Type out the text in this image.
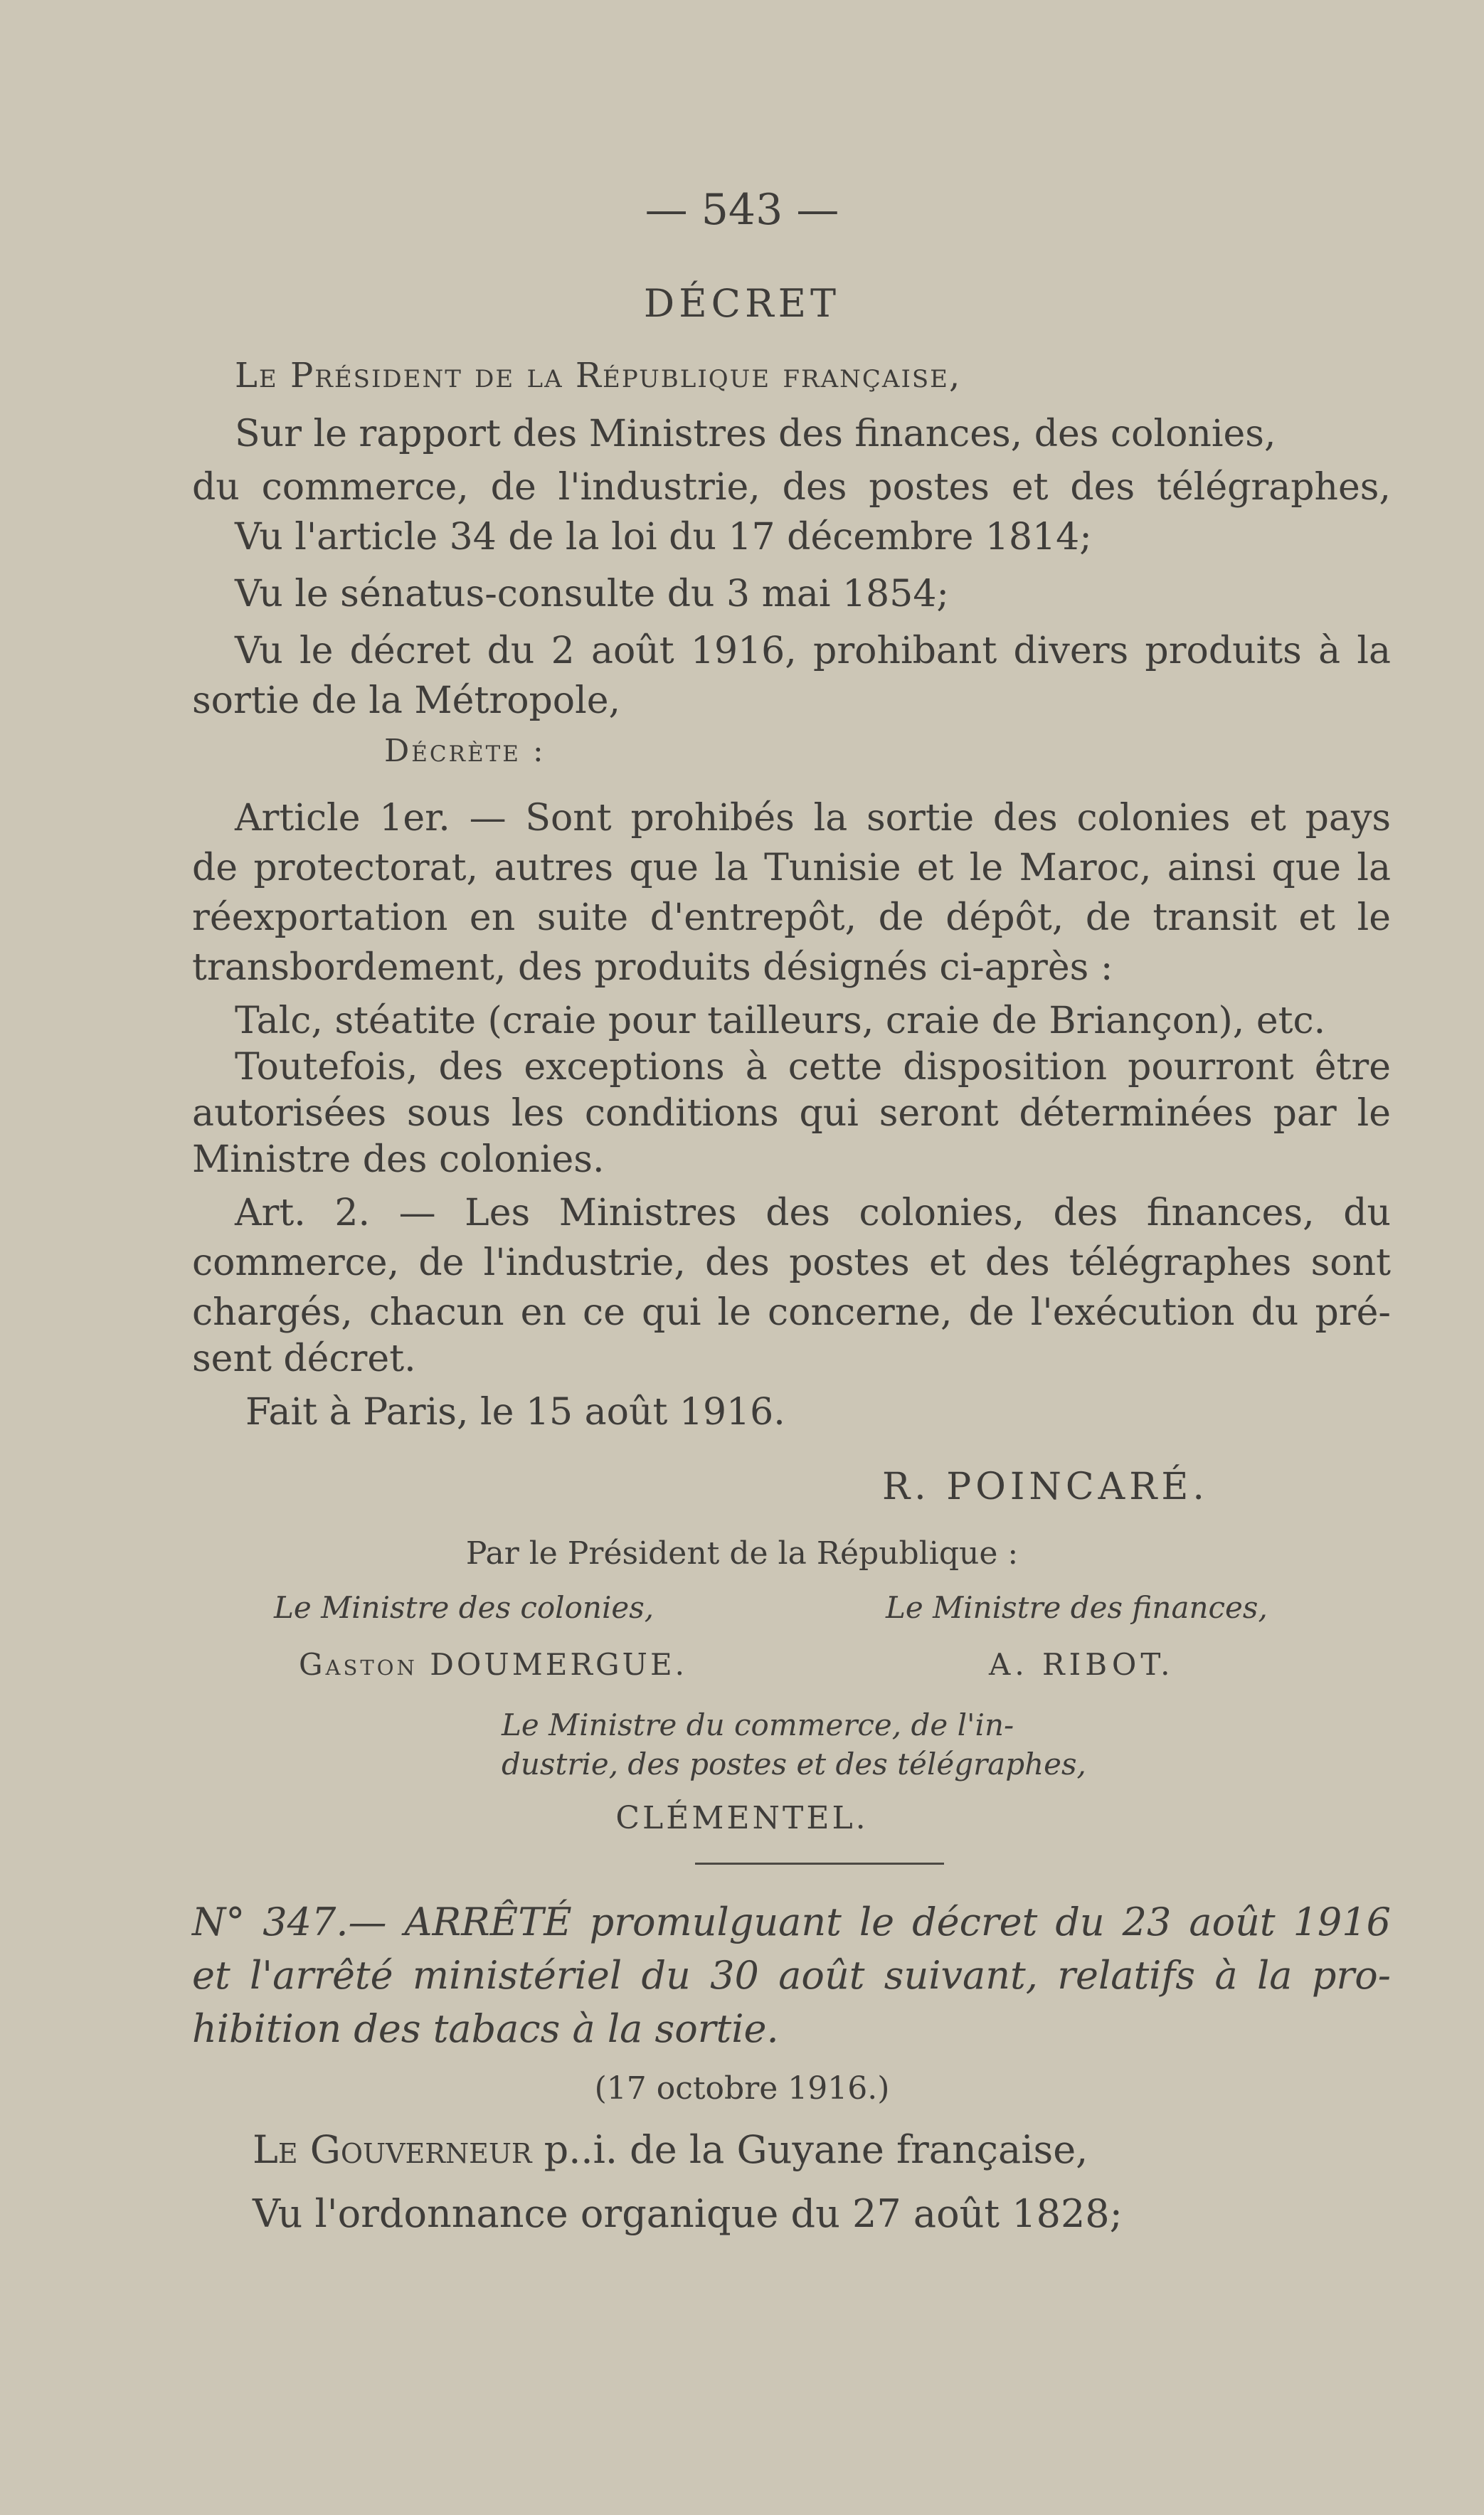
— 543 —
DÉCRET
Le Président de la République française,
Sur le rapport des Ministres des finances, des colonies,
du commerce, de l'industrie, des postes et des télégraphes,
Vu l'article 34 de la loi du 17 décembre 1814;
Vu le sénatus-consulte du 3 mai 1854;
Vu le décret du 2 août 1916, prohibant divers produits à la
sortie de la Métropole,
Décrète :
Article 1er. — Sont prohibés la sortie des colonies et pays
de protectorat, autres que la Tunisie et le Maroc, ainsi que la
réexportation en suite d'entrepôt, de dépôt, de transit et le
transbordement, des produits désignés ci-après :
Talc, stéatite (craie pour tailleurs, craie de Briançon), etc.
Toutefois, des exceptions à cette disposition pourront être
autorisées sous les conditions qui seront déterminées par le
Ministre des colonies.
Art. 2. — Les Ministres des colonies, des finances, du
commerce, de l'industrie, des postes et des télégraphes sont
chargés, chacun en ce qui le concerne, de l'exécution du pré-
sent décret.
Fait à Paris, le 15 août 1916.
R. POINCARÉ.
Par le Président de la République :
Le Ministre des colonies,	Le Ministre des finances,
Gaston DOUMERGUE.	A. RIBOT.
Le Ministre du commerce, de l'in-
dustrie, des postes et des télégraphes,
CLÉMENTEL.
N° 347.— ARRÊTÉ promulguant le décret du 23 août 1916
et l'arrêté ministériel du 30 août suivant, relatifs à la pro-
hibition des tabacs à la sortie.
(17 octobre 1916.)
Le Gouverneur p..i. de la Guyane française,
Vu l'ordonnance organique du 27 août 1828;
